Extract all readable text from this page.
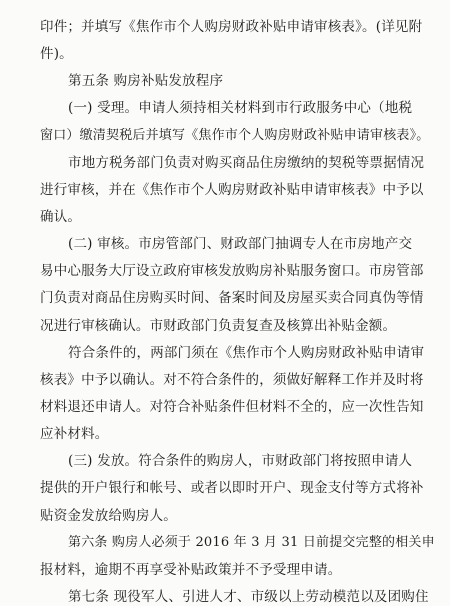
印件；并填写《焦作市个人购房财政补贴申请审核表》。(详见附
件)。
第五条 购房补贴发放程序
(一) 受理。申请人须持相关材料到市行政服务中心（地税
窗口）缴清契税后并填写《焦作市个人购房财政补贴申请审核表》。
市地方税务部门负责对购买商品住房缴纳的契税等票据情况
进行审核，并在《焦作市个人购房财政补贴申请审核表》中予以
确认。
(二) 审核。市房管部门、财政部门抽调专人在市房地产交
易中心服务大厅设立政府审核发放购房补贴服务窗口。市房管部
门负责对商品住房购买时间、备案时间及房屋买卖合同真伪等情
况进行审核确认。市财政部门负责复查及核算出补贴金额。
符合条件的，两部门须在《焦作市个人购房财政补贴申请审
核表》中予以确认。对不符合条件的，须做好解释工作并及时将
材料退还申请人。对符合补贴条件但材料不全的，应一次性告知
应补材料。
(三) 发放。符合条件的购房人，市财政部门将按照申请人
提供的开户银行和帐号、或者以即时开户、现金支付等方式将补
贴资金发放给购房人。
第六条 购房人必须于 2016 年 3 月 31 日前提交完整的相关申
报材料，逾期不再享受补贴政策并不予受理申请。
第七条 现役军人、引进人才、市级以上劳动模范以及团购住
